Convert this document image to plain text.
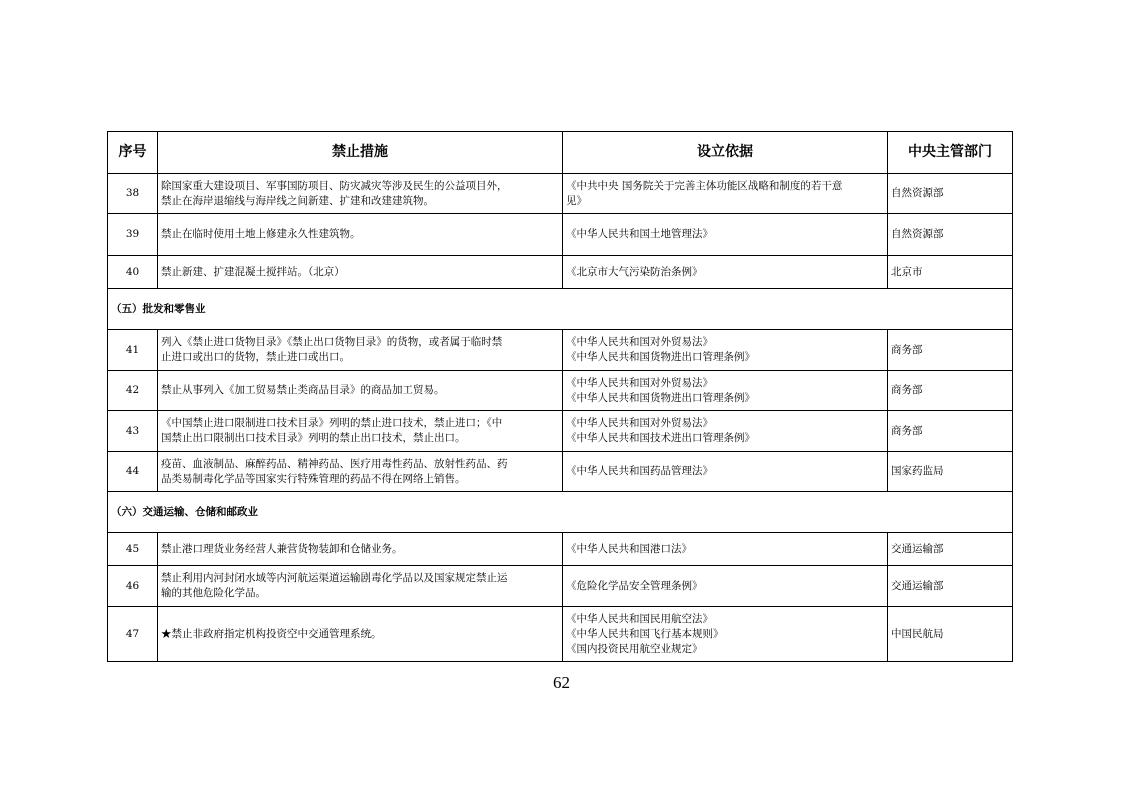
序号	禁止措施	设立依据	中央主管部门
38	除国家重大建设项目、军事国防项目、防灾减灾等涉及民生的公益项目外，
禁止在海岸退缩线与海岸线之间新建、扩建和改建建筑物。	《中共中央 国务院关于完善主体功能区战略和制度的若干意
见》	自然资源部
39	禁止在临时使用土地上修建永久性建筑物。	《中华人民共和国土地管理法》	自然资源部
40	禁止新建、扩建混凝土搅拌站。（北京）	《北京市大气污染防治条例》	北京市
（五）批发和零售业			
41	列入《禁止进口货物目录》《禁止出口货物目录》的货物，或者属于临时禁
止进口或出口的货物，禁止进口或出口。	《中华人民共和国对外贸易法》
《中华人民共和国货物进出口管理条例》	商务部
42	禁止从事列入《加工贸易禁止类商品目录》的商品加工贸易。	《中华人民共和国对外贸易法》
《中华人民共和国货物进出口管理条例》	商务部
43	《中国禁止进口限制进口技术目录》列明的禁止进口技术，禁止进口；《中
国禁止出口限制出口技术目录》列明的禁止出口技术，禁止出口。	《中华人民共和国对外贸易法》
《中华人民共和国技术进出口管理条例》	商务部
44	疫苗、血液制品、麻醉药品、精神药品、医疗用毒性药品、放射性药品、药
品类易制毒化学品等国家实行特殊管理的药品不得在网络上销售。	《中华人民共和国药品管理法》	国家药监局
（六）交通运输、仓储和邮政业			
45	禁止港口理货业务经营人兼营货物装卸和仓储业务。	《中华人民共和国港口法》	交通运输部
46	禁止利用内河封闭水域等内河航运渠道运输剧毒化学品以及国家规定禁止运
输的其他危险化学品。	《危险化学品安全管理条例》	交通运输部
47	★禁止非政府指定机构投资空中交通管理系统。	《中华人民共和国民用航空法》
《中华人民共和国飞行基本规则》
《国内投资民用航空业规定》	中国民航局
62
